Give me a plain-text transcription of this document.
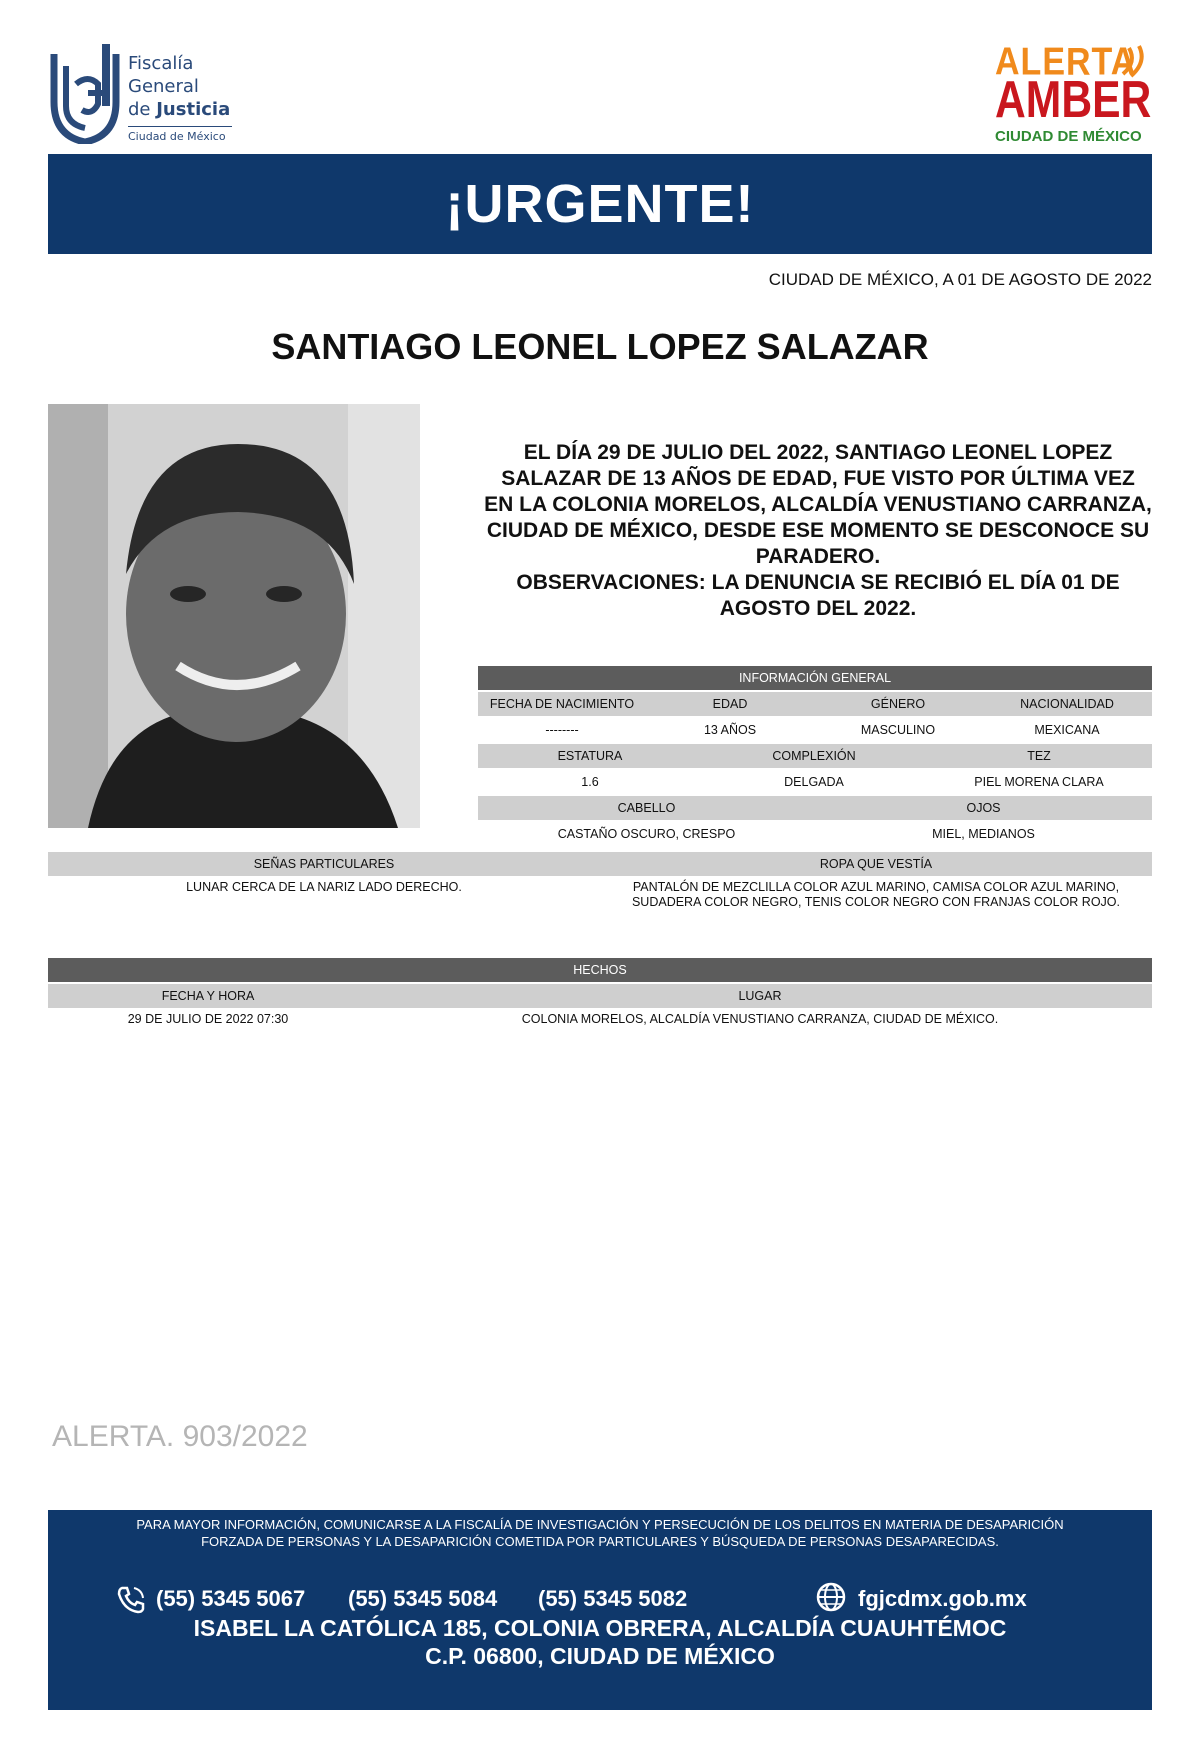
Fiscalía
General
de Justicia
Ciudad de México
ALERTA
AMBER
CIUDAD DE MÉXICO
¡URGENTE!
CIUDAD DE MÉXICO, A 01 DE AGOSTO DE 2022
SANTIAGO LEONEL LOPEZ SALAZAR
EL DÍA 29 DE JULIO DEL 2022, SANTIAGO LEONEL LOPEZ SALAZAR DE 13 AÑOS DE EDAD, FUE VISTO POR ÚLTIMA VEZ EN LA COLONIA MORELOS, ALCALDÍA VENUSTIANO CARRANZA, CIUDAD DE MÉXICO, DESDE ESE MOMENTO SE DESCONOCE SU PARADERO.
OBSERVACIONES: LA DENUNCIA SE RECIBIÓ EL DÍA 01 DE AGOSTO DEL 2022.
INFORMACIÓN GENERAL
FECHA DE NACIMIENTO	EDAD	GÉNERO	NACIONALIDAD
--------	13 AÑOS	MASCULINO	MEXICANA
ESTATURA	COMPLEXIÓN	TEZ
1.6	DELGADA	PIEL MORENA CLARA
CABELLO	OJOS
CASTAÑO OSCURO, CRESPO	MIEL, MEDIANOS
SEÑAS PARTICULARES	ROPA QUE VESTÍA
LUNAR CERCA DE LA NARIZ LADO DERECHO.	PANTALÓN DE MEZCLILLA COLOR AZUL MARINO, CAMISA COLOR AZUL MARINO,
SUDADERA COLOR NEGRO, TENIS COLOR NEGRO CON FRANJAS COLOR ROJO.
HECHOS
FECHA Y HORA	LUGAR
29 DE JULIO DE 2022 07:30	COLONIA MORELOS, ALCALDÍA VENUSTIANO CARRANZA, CIUDAD DE MÉXICO.
ALERTA. 903/2022
PARA MAYOR INFORMACIÓN, COMUNICARSE A LA FISCALÍA DE INVESTIGACIÓN Y PERSECUCIÓN DE LOS DELITOS EN MATERIA DE DESAPARICIÓN
FORZADA DE PERSONAS Y LA DESAPARICIÓN COMETIDA POR PARTICULARES Y BÚSQUEDA DE PERSONAS DESAPARECIDAS.
(55) 5345 5067 (55) 5345 5084 (55) 5345 5082	fgjcdmx.gob.mx
ISABEL LA CATÓLICA 185, COLONIA OBRERA, ALCALDÍA CUAUHTÉMOC
C.P. 06800, CIUDAD DE MÉXICO
